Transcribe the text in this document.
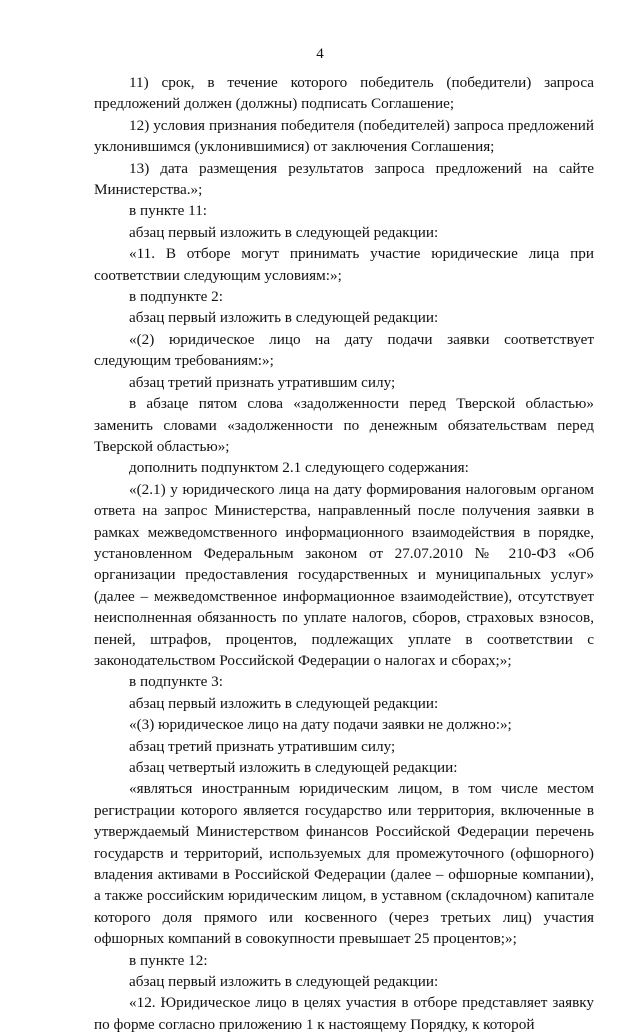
4

11) срок, в течение которого победитель (победители) запроса предложений должен (должны) подписать Соглашение;

12) условия признания победителя (победителей) запроса предложений уклонившимся (уклонившимися) от заключения Соглашения;

13) дата размещения результатов запроса предложений на сайте Министерства.»;

в пункте 11:

абзац первый изложить в следующей редакции:

«11. В отборе могут принимать участие юридические лица при соответствии следующим условиям:»;

в подпункте 2:

абзац первый изложить в следующей редакции:

«(2) юридическое лицо на дату подачи заявки соответствует следующим требованиям:»;

абзац третий признать утратившим силу;

в абзаце пятом слова «задолженности перед Тверской областью» заменить словами «задолженности по денежным обязательствам перед Тверской областью»;

дополнить подпунктом 2.1 следующего содержания:

«(2.1) у юридического лица на дату формирования налоговым органом ответа на запрос Министерства, направленный после получения заявки в рамках межведомственного информационного взаимодействия в порядке, установленном Федеральным законом от 27.07.2010 № 210-ФЗ «Об организации предоставления государственных и муниципальных услуг» (далее – межведомственное информационное взаимодействие), отсутствует неисполненная обязанность по уплате налогов, сборов, страховых взносов, пеней, штрафов, процентов, подлежащих уплате в соответствии с законодательством Российской Федерации о налогах и сборах;»;

в подпункте 3:

абзац первый изложить в следующей редакции:

«(3) юридическое лицо на дату подачи заявки не должно:»;

абзац третий признать утратившим силу;

абзац четвертый изложить в следующей редакции:

«являться иностранным юридическим лицом, в том числе местом регистрации которого является государство или территория, включенные в утверждаемый Министерством финансов Российской Федерации перечень государств и территорий, используемых для промежуточного (офшорного) владения активами в Российской Федерации (далее – офшорные компании), а также российским юридическим лицом, в уставном (складочном) капитале которого доля прямого или косвенного (через третьих лиц) участия офшорных компаний в совокупности превышает 25 процентов;»;

в пункте 12:

абзац первый изложить в следующей редакции:

«12. Юридическое лицо в целях участия в отборе представляет заявку по форме согласно приложению 1 к настоящему Порядку, к которой
